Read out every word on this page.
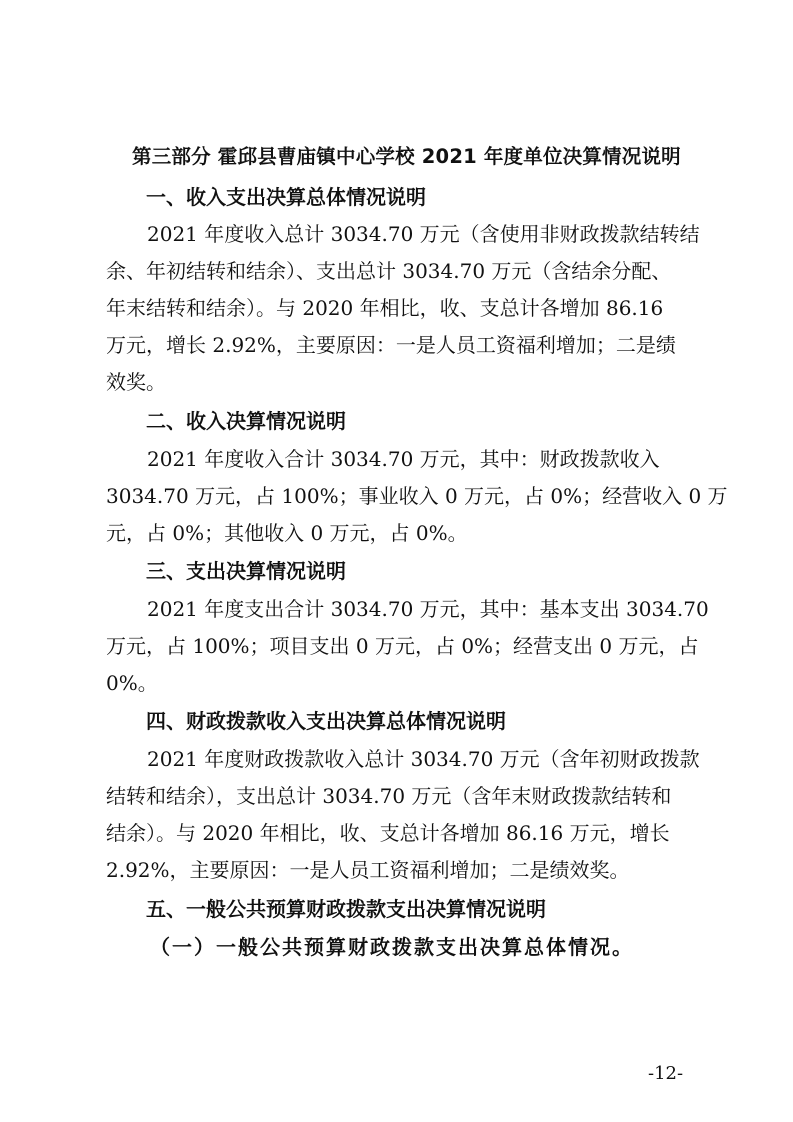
第三部分 霍邱县曹庙镇中心学校 2021 年度单位决算情况说明
一、收入支出决算总体情况说明
2021 年度收入总计 3034.70 万元（含使用非财政拨款结转结
余、年初结转和结余）、支出总计 3034.70 万元（含结余分配、
年末结转和结余）。与 2020 年相比，收、支总计各增加 86.16
万元，增长 2.92%，主要原因：一是人员工资福利增加；二是绩
效奖。
二、收入决算情况说明
2021 年度收入合计 3034.70 万元，其中：财政拨款收入
3034.70 万元，占 100%；事业收入 0 万元，占 0%；经营收入 0 万
元，占 0%；其他收入 0 万元，占 0%。
三、支出决算情况说明
2021 年度支出合计 3034.70 万元，其中：基本支出 3034.70
万元，占 100%；项目支出 0 万元，占 0%；经营支出 0 万元，占
0%。
四、财政拨款收入支出决算总体情况说明
2021 年度财政拨款收入总计 3034.70 万元（含年初财政拨款
结转和结余），支出总计 3034.70 万元（含年末财政拨款结转和
结余）。与 2020 年相比，收、支总计各增加 86.16 万元，增长
2.92%，主要原因：一是人员工资福利增加；二是绩效奖。
五、一般公共预算财政拨款支出决算情况说明
（一）一般公共预算财政拨款支出决算总体情况。
-12-
